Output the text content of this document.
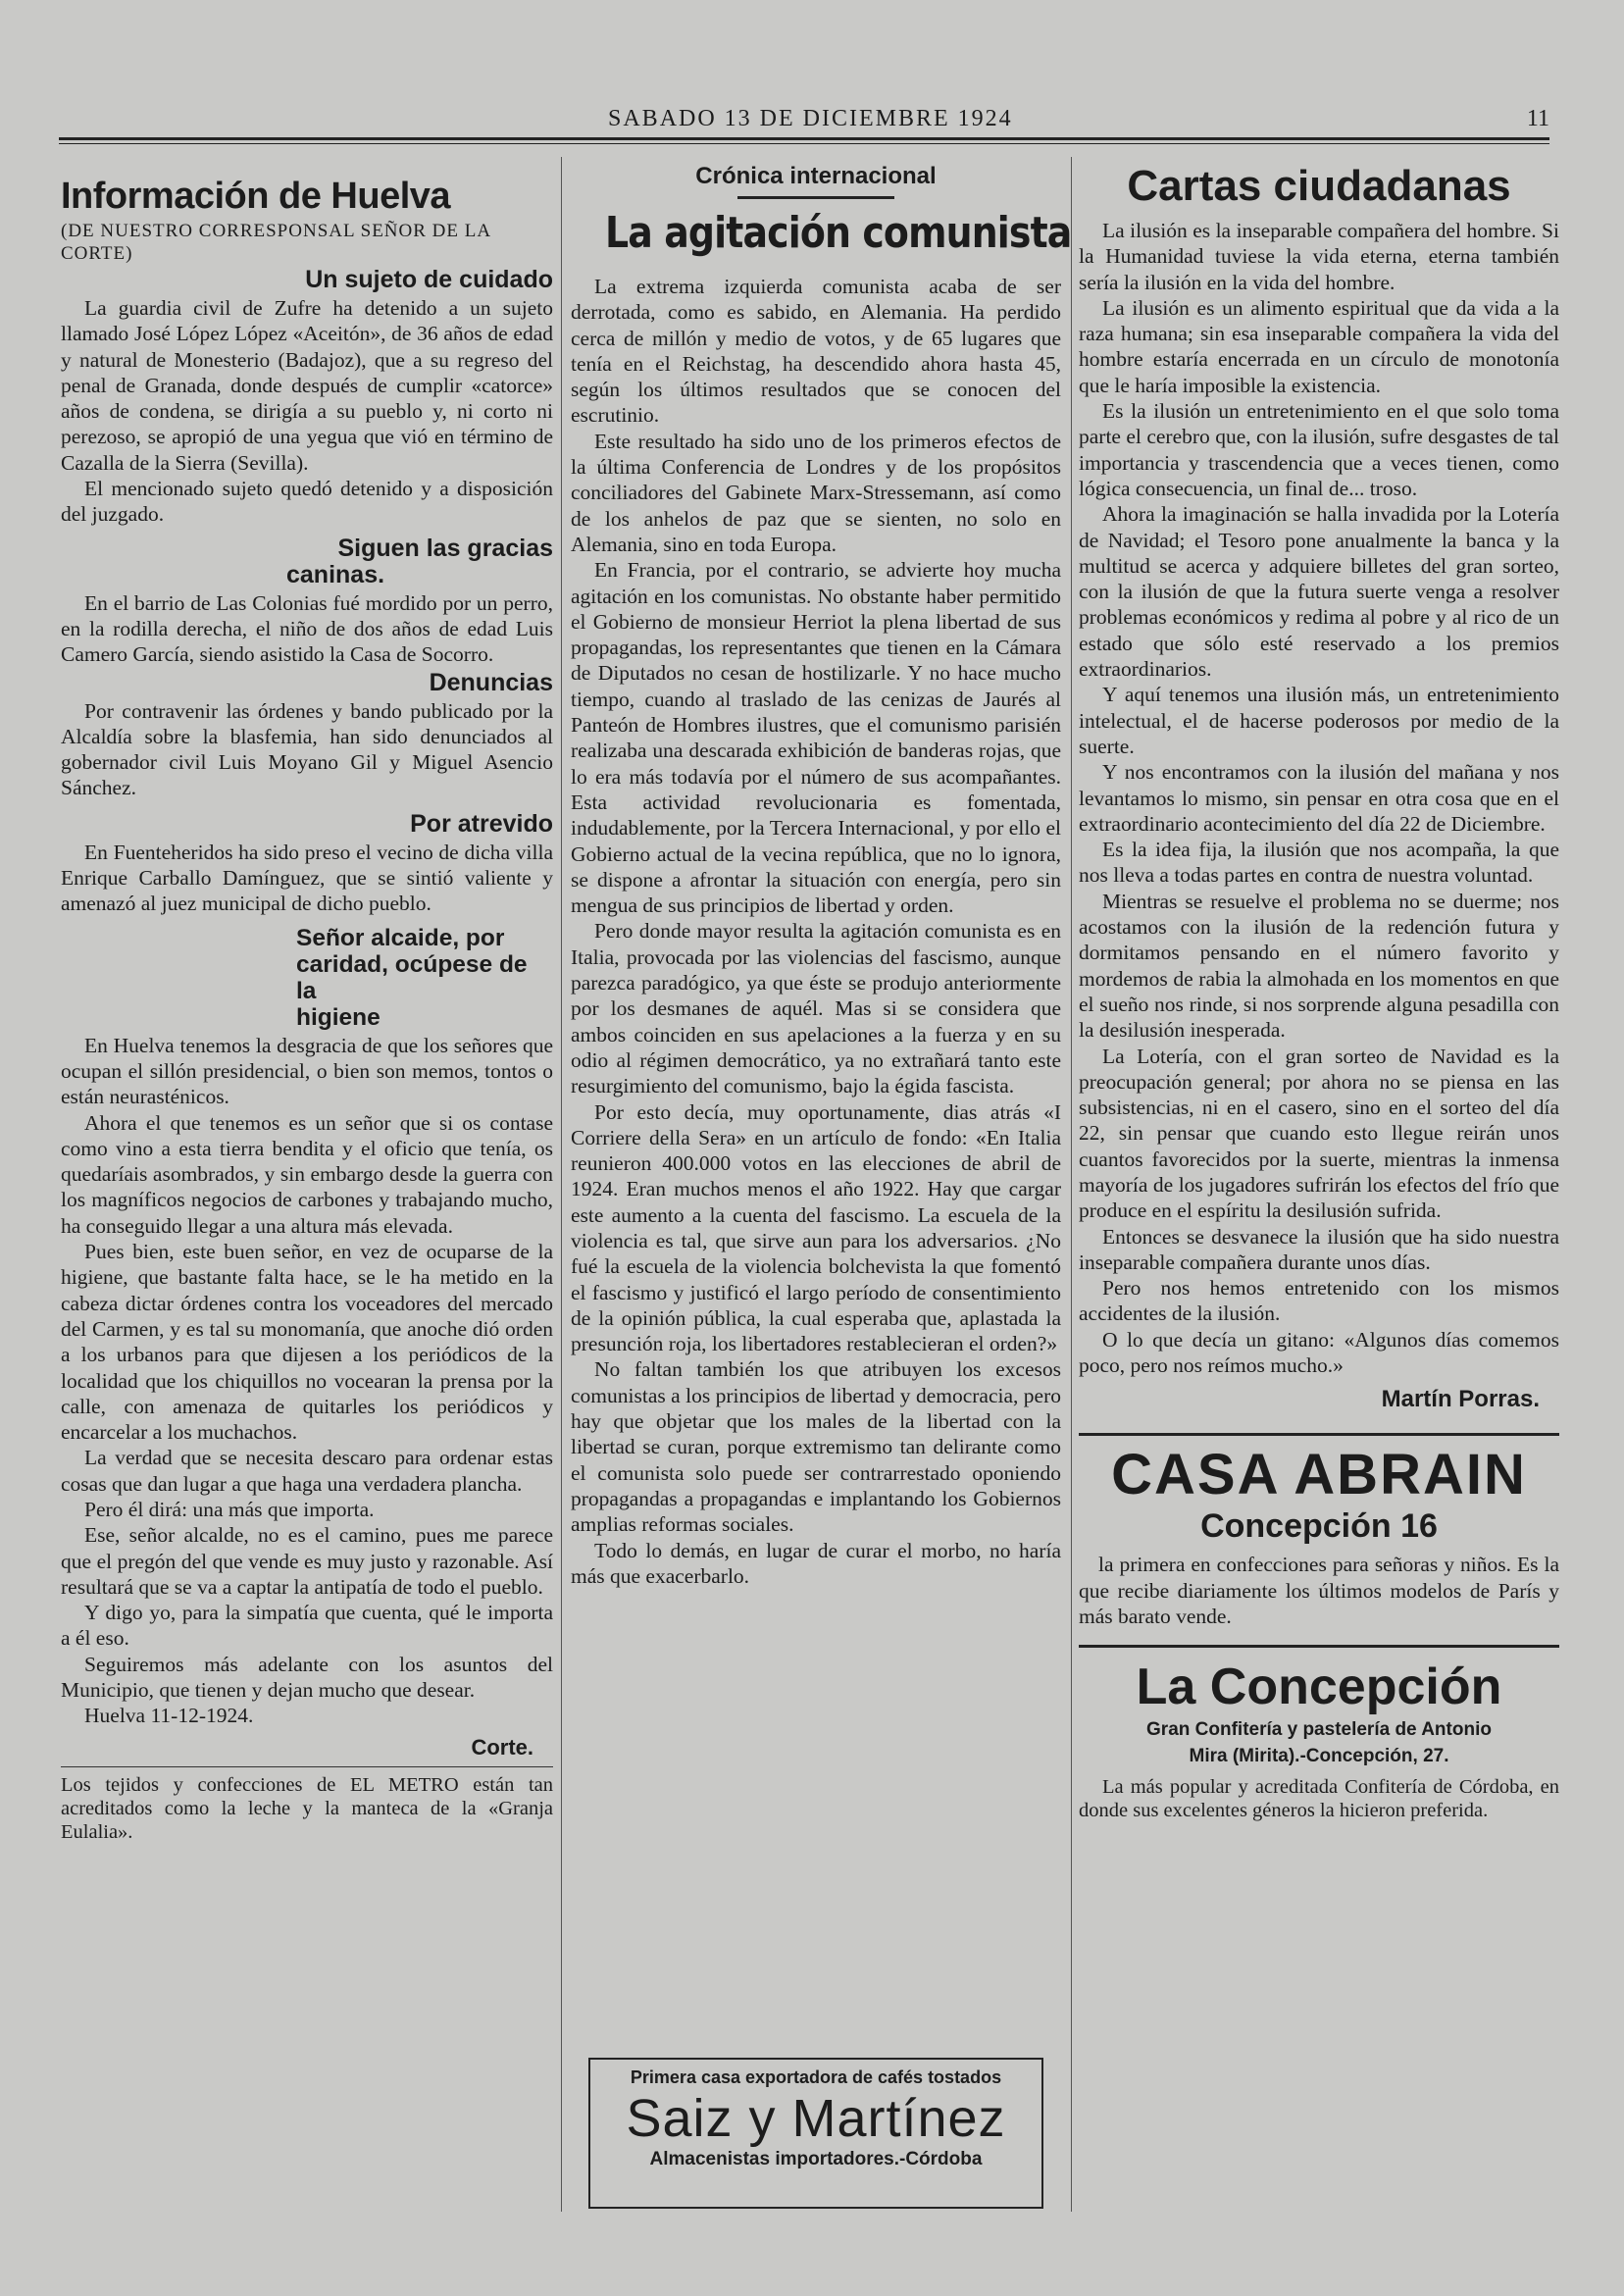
SABADO 13 DE DICIEMBRE 1924	11
Información de Huelva
(DE NUESTRO CORRESPONSAL SEÑOR DE LA CORTE)
Un sujeto de cuidado

La guardia civil de Zufre ha detenido a un sujeto llamado José López López «Aceitón», de 36 años de edad y natural de Monesterio (Badajoz), que a su regreso del penal de Granada, donde después de cumplir «catorce» años de condena, se dirigía a su pueblo y, ni corto ni perezoso, se apropió de una yegua que vió en término de Cazalla de la Sierra (Sevilla).

El mencionado sujeto quedó detenido y a disposición del juzgado.

Siguen las gracias
caninas.

En el barrio de Las Colonias fué mordido por un perro, en la rodilla derecha, el niño de dos años de edad Luis Camero García, siendo asistido la Casa de Socorro.

Denuncias

Por contravenir las órdenes y bando publicado por la Alcaldía sobre la blasfemia, han sido denunciados al gobernador civil Luis Moyano Gil y Miguel Asencio Sánchez.

Por atrevido

En Fuenteheridos ha sido preso el vecino de dicha villa Enrique Carballo Damínguez, que se sintió valiente y amenazó al juez municipal de dicho pueblo.

Señor alcaide, por caridad, ocúpese de la
higiene

En Huelva tenemos la desgracia de que los señores que ocupan el sillón presidencial, o bien son memos, tontos o están neurasténicos.

Ahora el que tenemos es un señor que si os contase como vino a esta tierra bendita y el oficio que tenía, os quedaríais asombrados, y sin embargo desde la guerra con los magníficos negocios de carbones y trabajando mucho, ha conseguido llegar a una altura más elevada.

Pues bien, este buen señor, en vez de ocuparse de la higiene, que bastante falta hace, se le ha metido en la cabeza dictar órdenes contra los voceadores del mercado del Carmen, y es tal su monomanía, que anoche dió orden a los urbanos para que dijesen a los periódicos de la localidad que los chiquillos no vocearan la prensa por la calle, con amenaza de quitarles los periódicos y encarcelar a los muchachos.

La verdad que se necesita descaro para ordenar estas cosas que dan lugar a que haga una verdadera plancha.

Pero él dirá: una más que importa.

Ese, señor alcalde, no es el camino, pues me parece que el pregón del que vende es muy justo y razonable. Así resultará que se va a captar la antipatía de todo el pueblo.

Y digo yo, para la simpatía que cuenta, qué le importa a él eso.

Seguiremos más adelante con los asuntos del Municipio, que tienen y dejan mucho que desear.

Huelva 11-12-1924.

Corte.

Los tejidos y confecciones de EL METRO están tan acreditados como la leche y la manteca de la «Granja Eulalia».

Crónica internacional
La agitación comunista

La extrema izquierda comunista acaba de ser derrotada, como es sabido, en Alemania. Ha perdido cerca de millón y medio de votos, y de 65 lugares que tenía en el Reichstag, ha descendido ahora hasta 45, según los últimos resultados que se conocen del escrutinio.

Este resultado ha sido uno de los primeros efectos de la última Conferencia de Londres y de los propósitos conciliadores del Gabinete Marx-Stressemann, así como de los anhelos de paz que se sienten, no solo en Alemania, sino en toda Europa.

En Francia, por el contrario, se advierte hoy mucha agitación en los comunistas. No obstante haber permitido el Gobierno de monsieur Herriot la plena libertad de sus propagandas, los representantes que tienen en la Cámara de Diputados no cesan de hostilizarle. Y no hace mucho tiempo, cuando al traslado de las cenizas de Jaurés al Panteón de Hombres ilustres, que el comunismo parisién realizaba una descarada exhibición de banderas rojas, que lo era más todavía por el número de sus acompañantes. Esta actividad revolucionaria es fomentada, indudablemente, por la Tercera Internacional, y por ello el Gobierno actual de la vecina república, que no lo ignora, se dispone a afrontar la situación con energía, pero sin mengua de sus principios de libertad y orden.

Pero donde mayor resulta la agitación comunista es en Italia, provocada por las violencias del fascismo, aunque parezca paradógico, ya que éste se produjo anteriormente por los desmanes de aquél. Mas si se considera que ambos coinciden en sus apelaciones a la fuerza y en su odio al régimen democrático, ya no extrañará tanto este resurgimiento del comunismo, bajo la égida fascista.

Por esto decía, muy oportunamente, dias atrás «I Corriere della Sera» en un artículo de fondo: «En Italia reunieron 400.000 votos en las elecciones de abril de 1924. Eran muchos menos el año 1922. Hay que cargar este aumento a la cuenta del fascismo. La escuela de la violencia es tal, que sirve aun para los adversarios. ¿No fué la escuela de la violencia bolchevista la que fomentó el fascismo y justificó el largo período de consentimiento de la opinión pública, la cual esperaba que, aplastada la presunción roja, los libertadores restablecieran el orden?»

No faltan también los que atribuyen los excesos comunistas a los principios de libertad y democracia, pero hay que objetar que los males de la libertad con la libertad se curan, porque extremismo tan delirante como el comunista solo puede ser contrarrestado oponiendo propagandas a propagandas e implantando los Gobiernos amplias reformas sociales.

Todo lo demás, en lugar de curar el morbo, no haría más que exacerbarlo.

Primera casa exportadora de cafés tostados
Saiz y Martínez
Almacenistas importadores.-Córdoba
Cartas ciudadanas

La ilusión es la inseparable compañera del hombre. Si la Humanidad tuviese la vida eterna, eterna también sería la ilusión en la vida del hombre.

La ilusión es un alimento espiritual que da vida a la raza humana; sin esa inseparable compañera la vida del hombre estaría encerrada en un círculo de monotonía que le haría imposible la existencia.

Es la ilusión un entretenimiento en el que solo toma parte el cerebro que, con la ilusión, sufre desgastes de tal importancia y trascendencia que a veces tienen, como lógica consecuencia, un final de... troso.

Ahora la imaginación se halla invadida por la Lotería de Navidad; el Tesoro pone anualmente la banca y la multitud se acerca y adquiere billetes del gran sorteo, con la ilusión de que la futura suerte venga a resolver problemas económicos y redima al pobre y al rico de un estado que sólo esté reservado a los premios extraordinarios.

Y aquí tenemos una ilusión más, un entretenimiento intelectual, el de hacerse poderosos por medio de la suerte.

Y nos encontramos con la ilusión del mañana y nos levantamos lo mismo, sin pensar en otra cosa que en el extraordinario acontecimiento del día 22 de Diciembre.

Es la idea fija, la ilusión que nos acompaña, la que nos lleva a todas partes en contra de nuestra voluntad.

Mientras se resuelve el problema no se duerme; nos acostamos con la ilusión de la redención futura y dormitamos pensando en el número favorito y mordemos de rabia la almohada en los momentos en que el sueño nos rinde, si nos sorprende alguna pesadilla con la desilusión inesperada.

La Lotería, con el gran sorteo de Navidad es la preocupación general; por ahora no se piensa en las subsistencias, ni en el casero, sino en el sorteo del día 22, sin pensar que cuando esto llegue reirán unos cuantos favorecidos por la suerte, mientras la inmensa mayoría de los jugadores sufrirán los efectos del frío que produce en el espíritu la desilusión sufrida.

Entonces se desvanece la ilusión que ha sido nuestra inseparable compañera durante unos días.

Pero nos hemos entretenido con los mismos accidentes de la ilusión.

O lo que decía un gitano: «Algunos días comemos poco, pero nos reímos mucho.»

Martín Porras.
CASA ABRAIN
Concepción 16

la primera en confecciones para señoras y niños. Es la que recibe diariamente los últimos modelos de París y más barato vende.

La Concepción
Gran Confitería y pastelería de Antonio
Mira (Mirita).-Concepción, 27.

La más popular y acreditada Confitería de Córdoba, en donde sus excelentes géneros la hicieron preferida.
